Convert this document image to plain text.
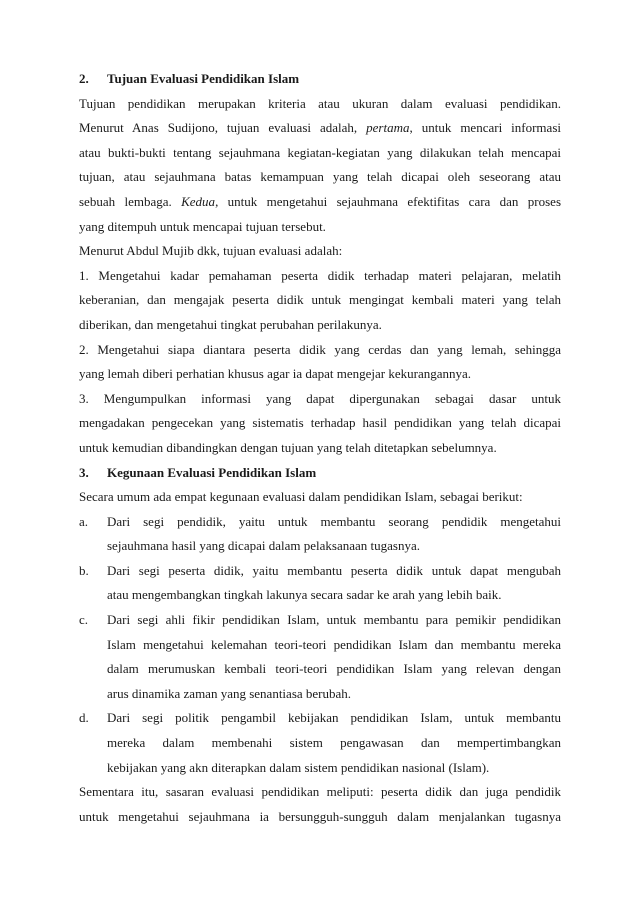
2.	Tujuan Evaluasi Pendidikan Islam
Tujuan pendidikan merupakan kriteria atau ukuran dalam evaluasi pendidikan.
Menurut Anas Sudijono, tujuan evaluasi adalah, pertama, untuk mencari informasi
atau bukti-bukti tentang sejauhmana kegiatan-kegiatan yang dilakukan telah mencapai
tujuan, atau sejauhmana batas kemampuan yang telah dicapai oleh seseorang atau
sebuah lembaga. Kedua, untuk mengetahui sejauhmana efektifitas cara dan proses
yang ditempuh untuk mencapai tujuan tersebut.
Menurut Abdul Mujib dkk, tujuan evaluasi adalah:
1. Mengetahui kadar pemahaman peserta didik terhadap materi pelajaran, melatih
keberanian, dan mengajak peserta didik untuk mengingat kembali materi yang telah
diberikan, dan mengetahui tingkat perubahan perilakunya.
2. Mengetahui siapa diantara peserta didik yang cerdas dan yang lemah, sehingga
yang lemah diberi perhatian khusus agar ia dapat mengejar kekurangannya.
3. Mengumpulkan informasi yang dapat dipergunakan sebagai dasar untuk
mengadakan pengecekan yang sistematis terhadap hasil pendidikan yang telah dicapai
untuk kemudian dibandingkan dengan tujuan yang telah ditetapkan sebelumnya.
3.	Kegunaan Evaluasi Pendidikan Islam
Secara umum ada empat kegunaan evaluasi dalam pendidikan Islam, sebagai berikut:
a.	Dari segi pendidik, yaitu untuk membantu seorang pendidik mengetahui
sejauhmana hasil yang dicapai dalam pelaksanaan tugasnya.
b.	Dari segi peserta didik, yaitu membantu peserta didik untuk dapat mengubah
atau mengembangkan tingkah lakunya secara sadar ke arah yang lebih baik.
c.	Dari segi ahli fikir pendidikan Islam, untuk membantu para pemikir pendidikan
Islam mengetahui kelemahan teori-teori pendidikan Islam dan membantu mereka
dalam merumuskan kembali teori-teori pendidikan Islam yang relevan dengan
arus dinamika zaman yang senantiasa berubah.
d.	Dari segi politik pengambil kebijakan pendidikan Islam, untuk membantu
mereka dalam membenahi sistem pengawasan dan mempertimbangkan
kebijakan yang akn diterapkan dalam sistem pendidikan nasional (Islam).
Sementara itu, sasaran evaluasi pendidikan meliputi: peserta didik dan juga pendidik
untuk mengetahui sejauhmana ia bersungguh-sungguh dalam menjalankan tugasnya
